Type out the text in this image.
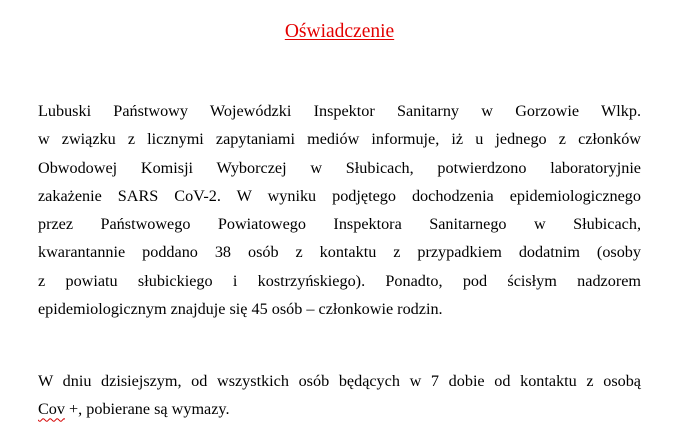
Oświadczenie

Lubuski Państwowy Wojewódzki Inspektor Sanitarny w Gorzowie Wlkp.
w związku z licznymi zapytaniami mediów informuje, iż u jednego z członków
Obwodowej Komisji Wyborczej w Słubicach, potwierdzono laboratoryjnie
zakażenie SARS CoV-2. W wyniku podjętego dochodzenia epidemiologicznego
przez Państwowego Powiatowego Inspektora Sanitarnego w Słubicach,
kwarantannie poddano 38 osób z kontaktu z przypadkiem dodatnim (osoby
z powiatu słubickiego i kostrzyńskiego). Ponadto, pod ścisłym nadzorem
epidemiologicznym znajduje się 45 osób – członkowie rodzin.

W dniu dzisiejszym, od wszystkich osób będących w 7 dobie od kontaktu z osobą
Cov +, pobierane są wymazy.
